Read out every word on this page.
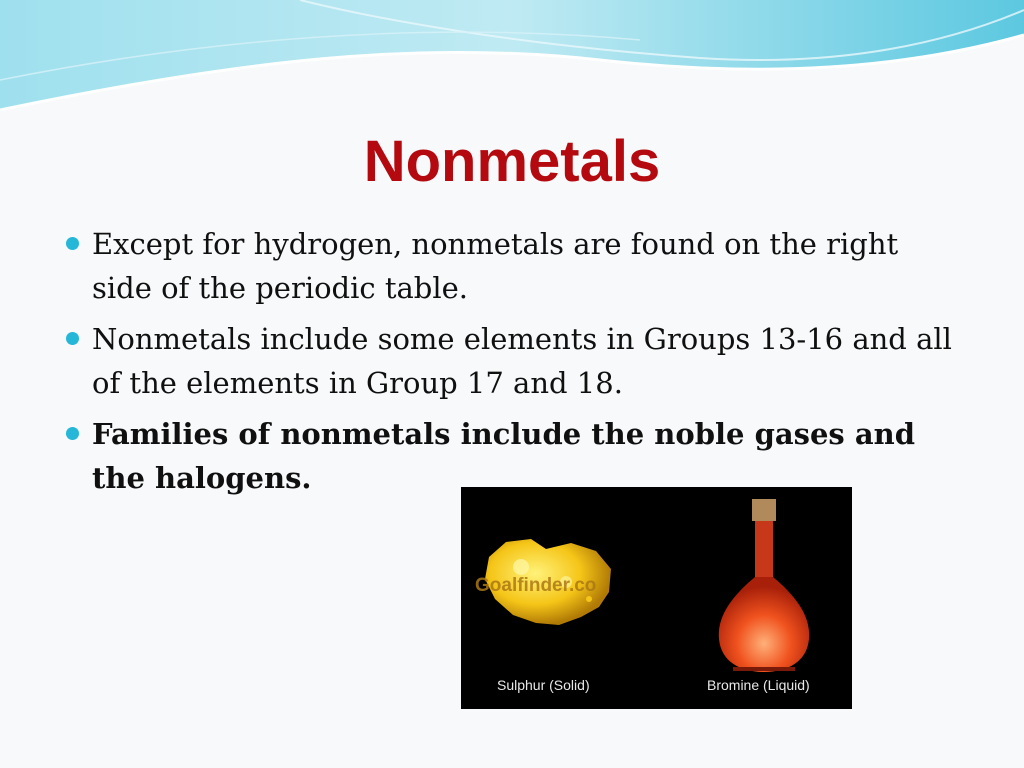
Nonmetals
Except for hydrogen, nonmetals are found on the right side of the periodic table.
Nonmetals include some elements in Groups 13-16 and all of the elements in Group 17 and 18.
Families of nonmetals include the noble gases and the halogens.
Goalfinder.co
Sulphur (Solid)	Bromine (Liquid)
